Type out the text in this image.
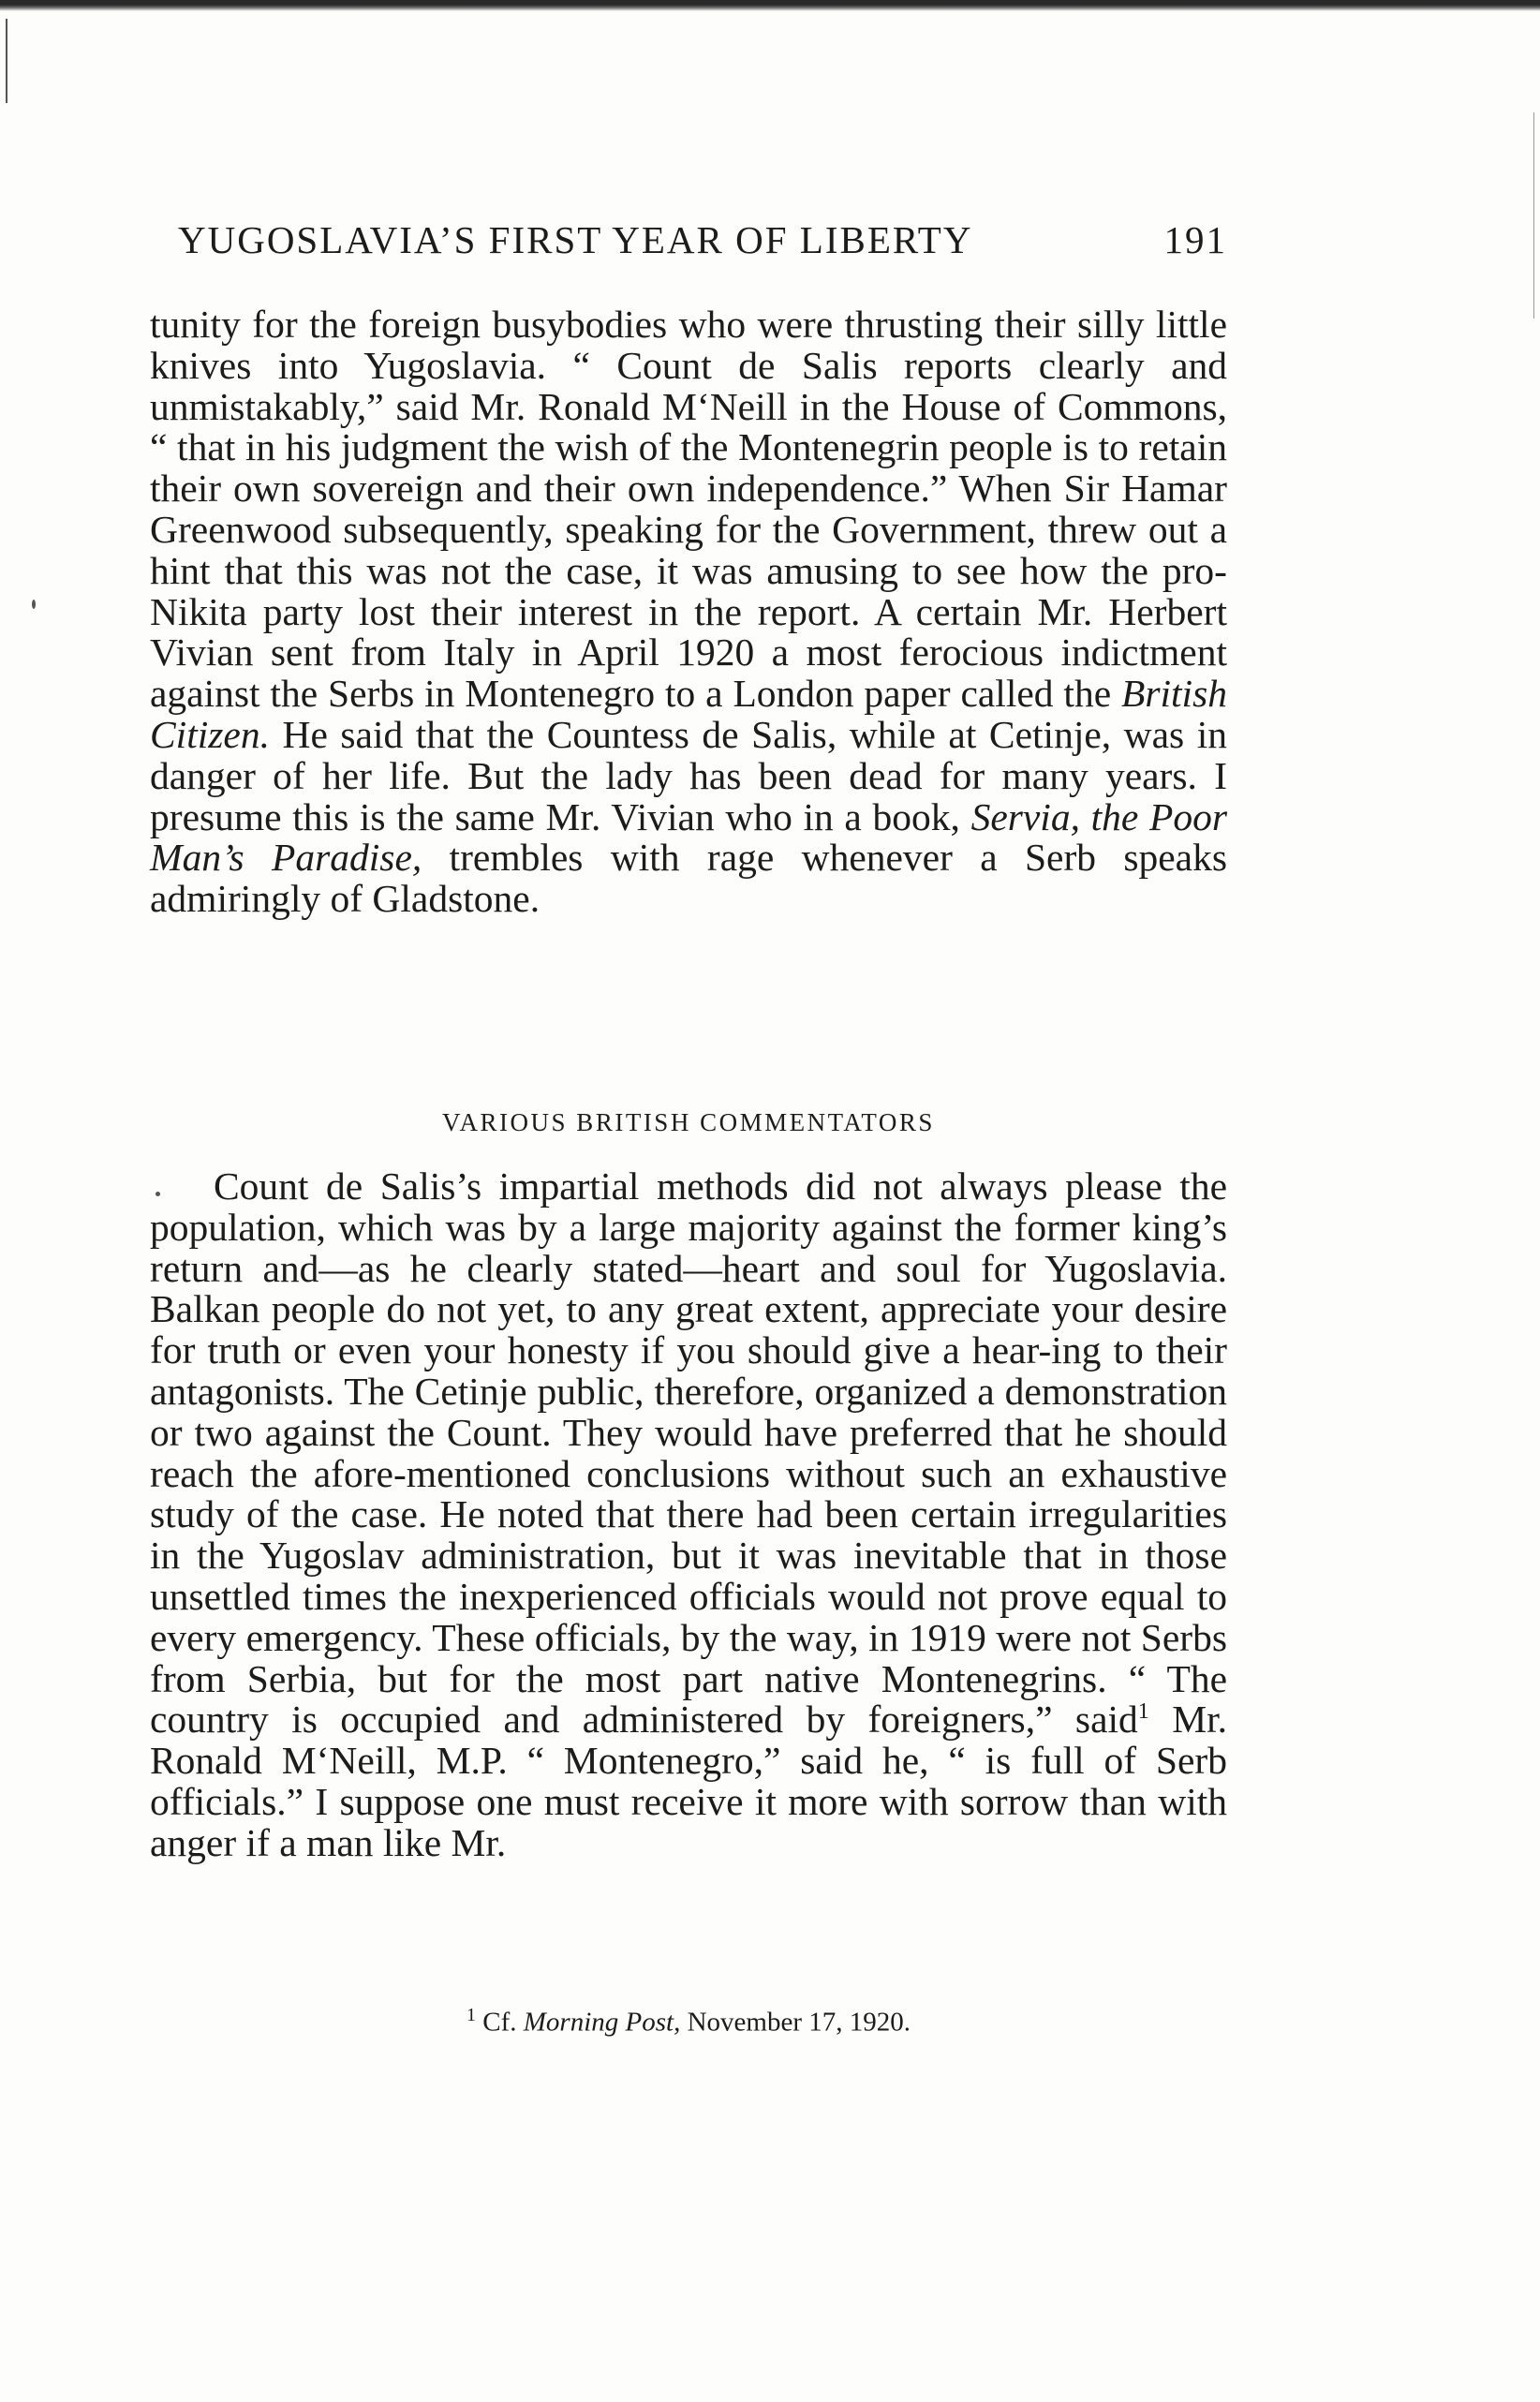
YUGOSLAVIA’S FIRST YEAR OF LIBERTY	191
tunity for the foreign busybodies who were thrusting their silly little knives into Yugoslavia. “ Count de Salis reports clearly and unmistakably,” said Mr. Ronald M‘Neill in the House of Commons, “ that in his judgment the wish of the Montenegrin people is to retain their own sovereign and their own independence.” When Sir Hamar Greenwood subsequently, speaking for the Government, threw out a hint that this was not the case, it was amusing to see how the pro-Nikita party lost their interest in the report. A certain Mr. Herbert Vivian sent from Italy in April 1920 a most ferocious indictment against the Serbs in Montenegro to a London paper called the British Citizen. He said that the Countess de Salis, while at Cetinje, was in danger of her life. But the lady has been dead for many years. I presume this is the same Mr. Vivian who in a book, Servia, the Poor Man’s Paradise, trembles with rage whenever a Serb speaks admiringly of Gladstone.
VARIOUS BRITISH COMMENTATORS
Count de Salis’s impartial methods did not always please the population, which was by a large majority against the former king’s return and—as he clearly stated—heart and soul for Yugoslavia. Balkan people do not yet, to any great extent, appreciate your desire for truth or even your honesty if you should give a hear-ing to their antagonists. The Cetinje public, therefore, organized a demonstration or two against the Count. They would have preferred that he should reach the afore-mentioned conclusions without such an exhaustive study of the case. He noted that there had been certain irregularities in the Yugoslav administration, but it was inevitable that in those unsettled times the inexperienced officials would not prove equal to every emergency. These officials, by the way, in 1919 were not Serbs from Serbia, but for the most part native Montenegrins. “ The country is occupied and administered by foreigners,” said$^1$ Mr. Ronald M‘Neill, M.P. “ Montenegro,” said he, “ is full of Serb officials.” I suppose one must receive it more with sorrow than with anger if a man like Mr.
$^1$ Cf. Morning Post, November 17, 1920.
